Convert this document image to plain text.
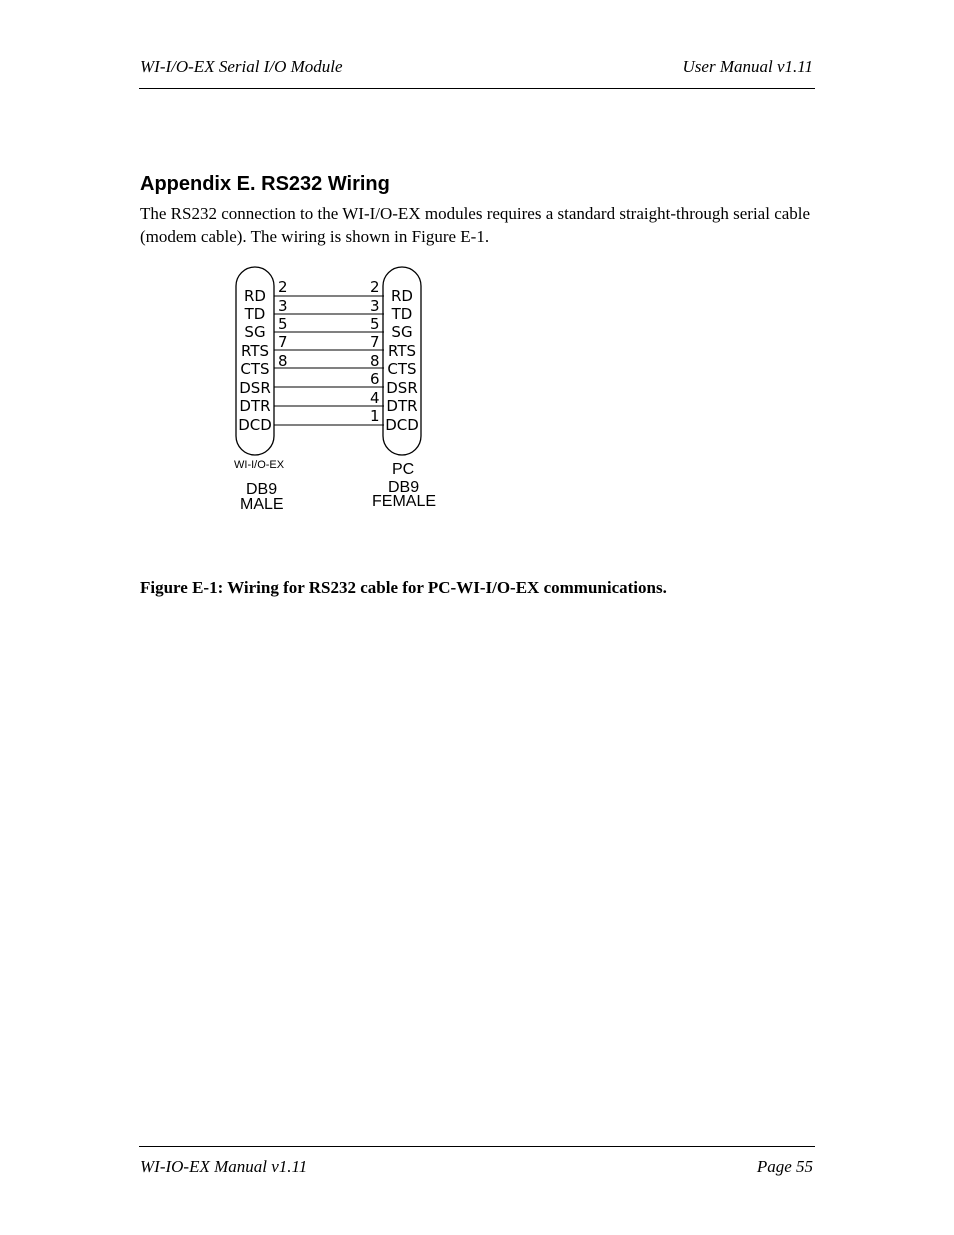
WI-I/O-EX Serial I/O Module	User Manual v1.11
Appendix E. RS232 Wiring

The RS232 connection to the WI-I/O-EX modules requires a standard straight-through serial cable (modem cable). The wiring is shown in Figure E-1.

RD
TD
SG
RTS
CTS
DSR
DTR
DCD
2
3
5
7
8
RD
TD
SG
RTS
CTS
DSR
DTR
DCD
2
3
5
7
8
6
4
1
WI-I/O-EX
DB9
MALE
PC
DB9
FEMALE

Figure E-1: Wiring for RS232 cable for PC-WI-I/O-EX communications.

WI-IO-EX Manual v1.11	Page 55
